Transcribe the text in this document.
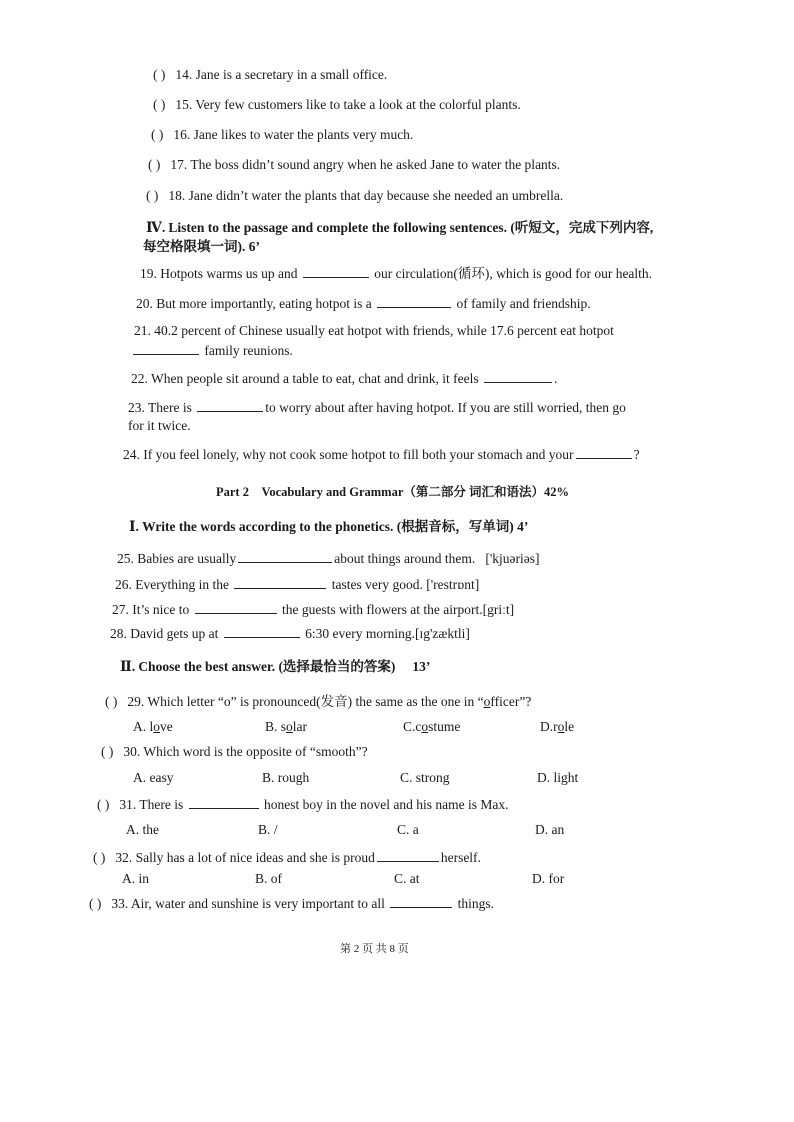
( ) 14. Jane is a secretary in a small office.
( ) 15. Very few customers like to take a look at the colorful plants.
( ) 16. Jane likes to water the plants very much.
( ) 17. The boss didn’t sound angry when he asked Jane to water the plants.
( ) 18. Jane didn’t water the plants that day because she needed an umbrella.
Ⅳ. Listen to the passage and complete the following sentences. (听短文，完成下列内容,
每空格限填一词). 6’
19. Hotpots warms us up and	our circulation(循环), which is good for our health.
20. But more importantly, eating hotpot is a	of family and friendship.
21. 40.2 percent of Chinese usually eat hotpot with friends, while 17.6 percent eat hotpot
family reunions.
22. When people sit around a table to eat, chat and drink, it feels	.
23. There is	to worry about after having hotpot. If you are still worried, then go
for it twice.
24. If you feel lonely, why not cook some hotpot to fill both your stomach and your	?
Part 2 Vocabulary and Grammar（第二部分 词汇和语法）42%
Ⅰ. Write the words according to the phonetics. (根据音标，写单词) 4’
25. Babies are usually	about things around them. ['kjuəriəs]
26. Everything in the	tastes very good. ['restrɒnt]
27. It’s nice to	the guests with flowers at the airport.[griːt]
28. David gets up at	6:30 every morning.[ɪg'zæktli]
Ⅱ. Choose the best answer. (选择最恰当的答案) 13’
( ) 29. Which letter “o” is pronounced(发音) the same as the one in “officer”?
A. love	B. solar	C.costume	D.role
( ) 30. Which word is the opposite of “smooth”?
A. easy	B. rough	C. strong	D. light
( ) 31. There is	honest boy in the novel and his name is Max.
A. the	B. /	C. a	D. an
( ) 32. Sally has a lot of nice ideas and she is proud	herself.
A. in	B. of	C. at	D. for
( ) 33. Air, water and sunshine is very important to all	things.
第 2 页 共 8 页
